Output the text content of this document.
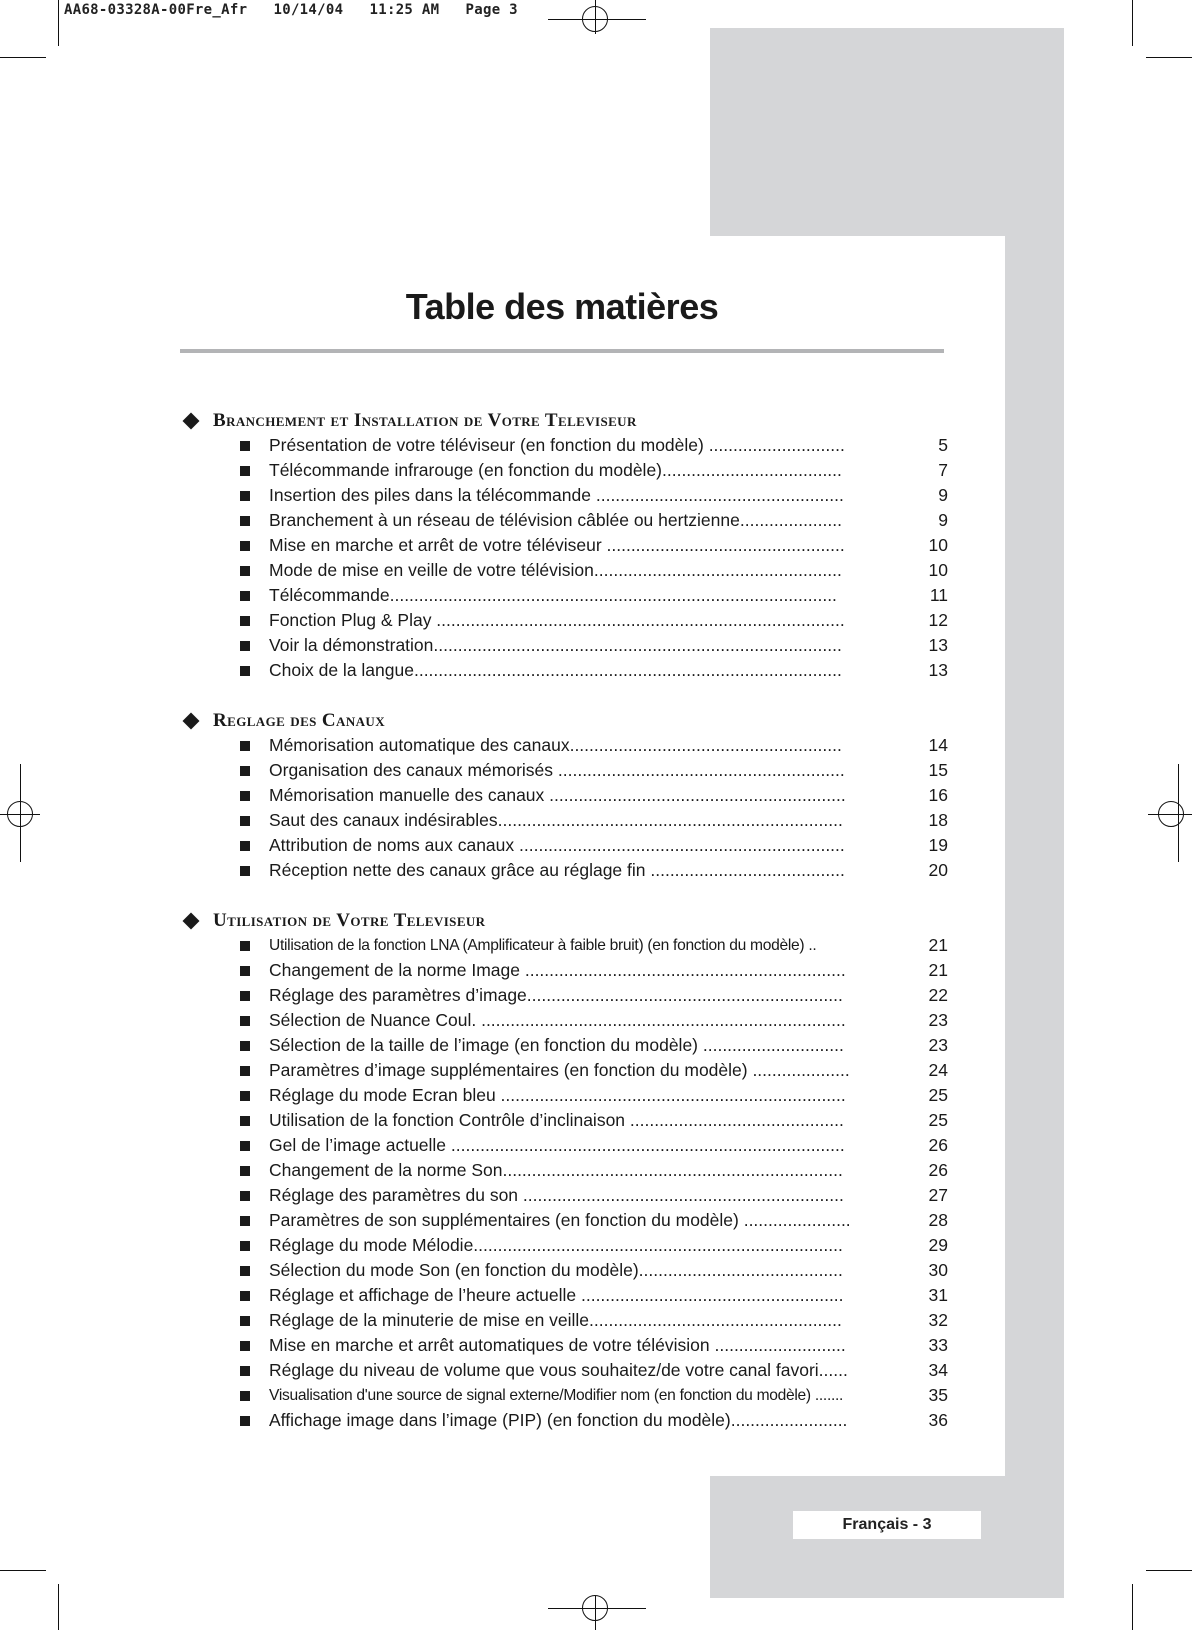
AA68-03328A-00Fre_Afr   10/14/04   11:25 AM   Page 3
Table des matières
Branchement et Installation de Votre Televiseur
Présentation de votre téléviseur (en fonction du modèle) ............................	5
Télécommande infrarouge (en fonction du modèle).....................................	7
Insertion des piles dans la télécommande ...................................................	9
Branchement à un réseau de télévision câblée ou hertzienne.....................	9
Mise en marche et arrêt de votre téléviseur .................................................	10
Mode de mise en veille de votre télévision...................................................	10
Télécommande............................................................................................	11
Fonction Plug & Play ....................................................................................	12
Voir la démonstration....................................................................................	13
Choix de la langue........................................................................................	13
Reglage des Canaux
Mémorisation automatique des canaux........................................................	14
Organisation des canaux mémorisés ...........................................................	15
Mémorisation manuelle des canaux .............................................................	16
Saut des canaux indésirables.......................................................................	18
Attribution de noms aux canaux ...................................................................	19
Réception nette des canaux grâce au réglage fin ........................................	20
Utilisation de Votre Televiseur
Utilisation de la fonction LNA (Amplificateur à faible bruit) (en fonction du modèle) ..	21
Changement de la norme Image ..................................................................	21
Réglage des paramètres d’image.................................................................	22
Sélection de Nuance Coul. ...........................................................................	23
Sélection de la taille de l’image (en fonction du modèle) .............................	23
Paramètres d’image supplémentaires (en fonction du modèle) ....................	24
Réglage du mode Ecran bleu .......................................................................	25
Utilisation de la fonction Contrôle d’inclinaison ............................................	25
Gel de l’image actuelle .................................................................................	26
Changement de la norme Son......................................................................	26
Réglage des paramètres du son ..................................................................	27
Paramètres de son supplémentaires (en fonction du modèle) ......................	28
Réglage du mode Mélodie............................................................................	29
Sélection du mode Son (en fonction du modèle)..........................................	30
Réglage et affichage de l’heure actuelle ......................................................	31
Réglage de la minuterie de mise en veille....................................................	32
Mise en marche et arrêt automatiques de votre télévision ...........................	33
Réglage du niveau de volume que vous souhaitez/de votre canal favori......	34
Visualisation d'une source de signal externe/Modifier nom (en fonction du modèle) .......	35
Affichage image dans l’image (PIP) (en fonction du modèle)........................	36
Français - 3
